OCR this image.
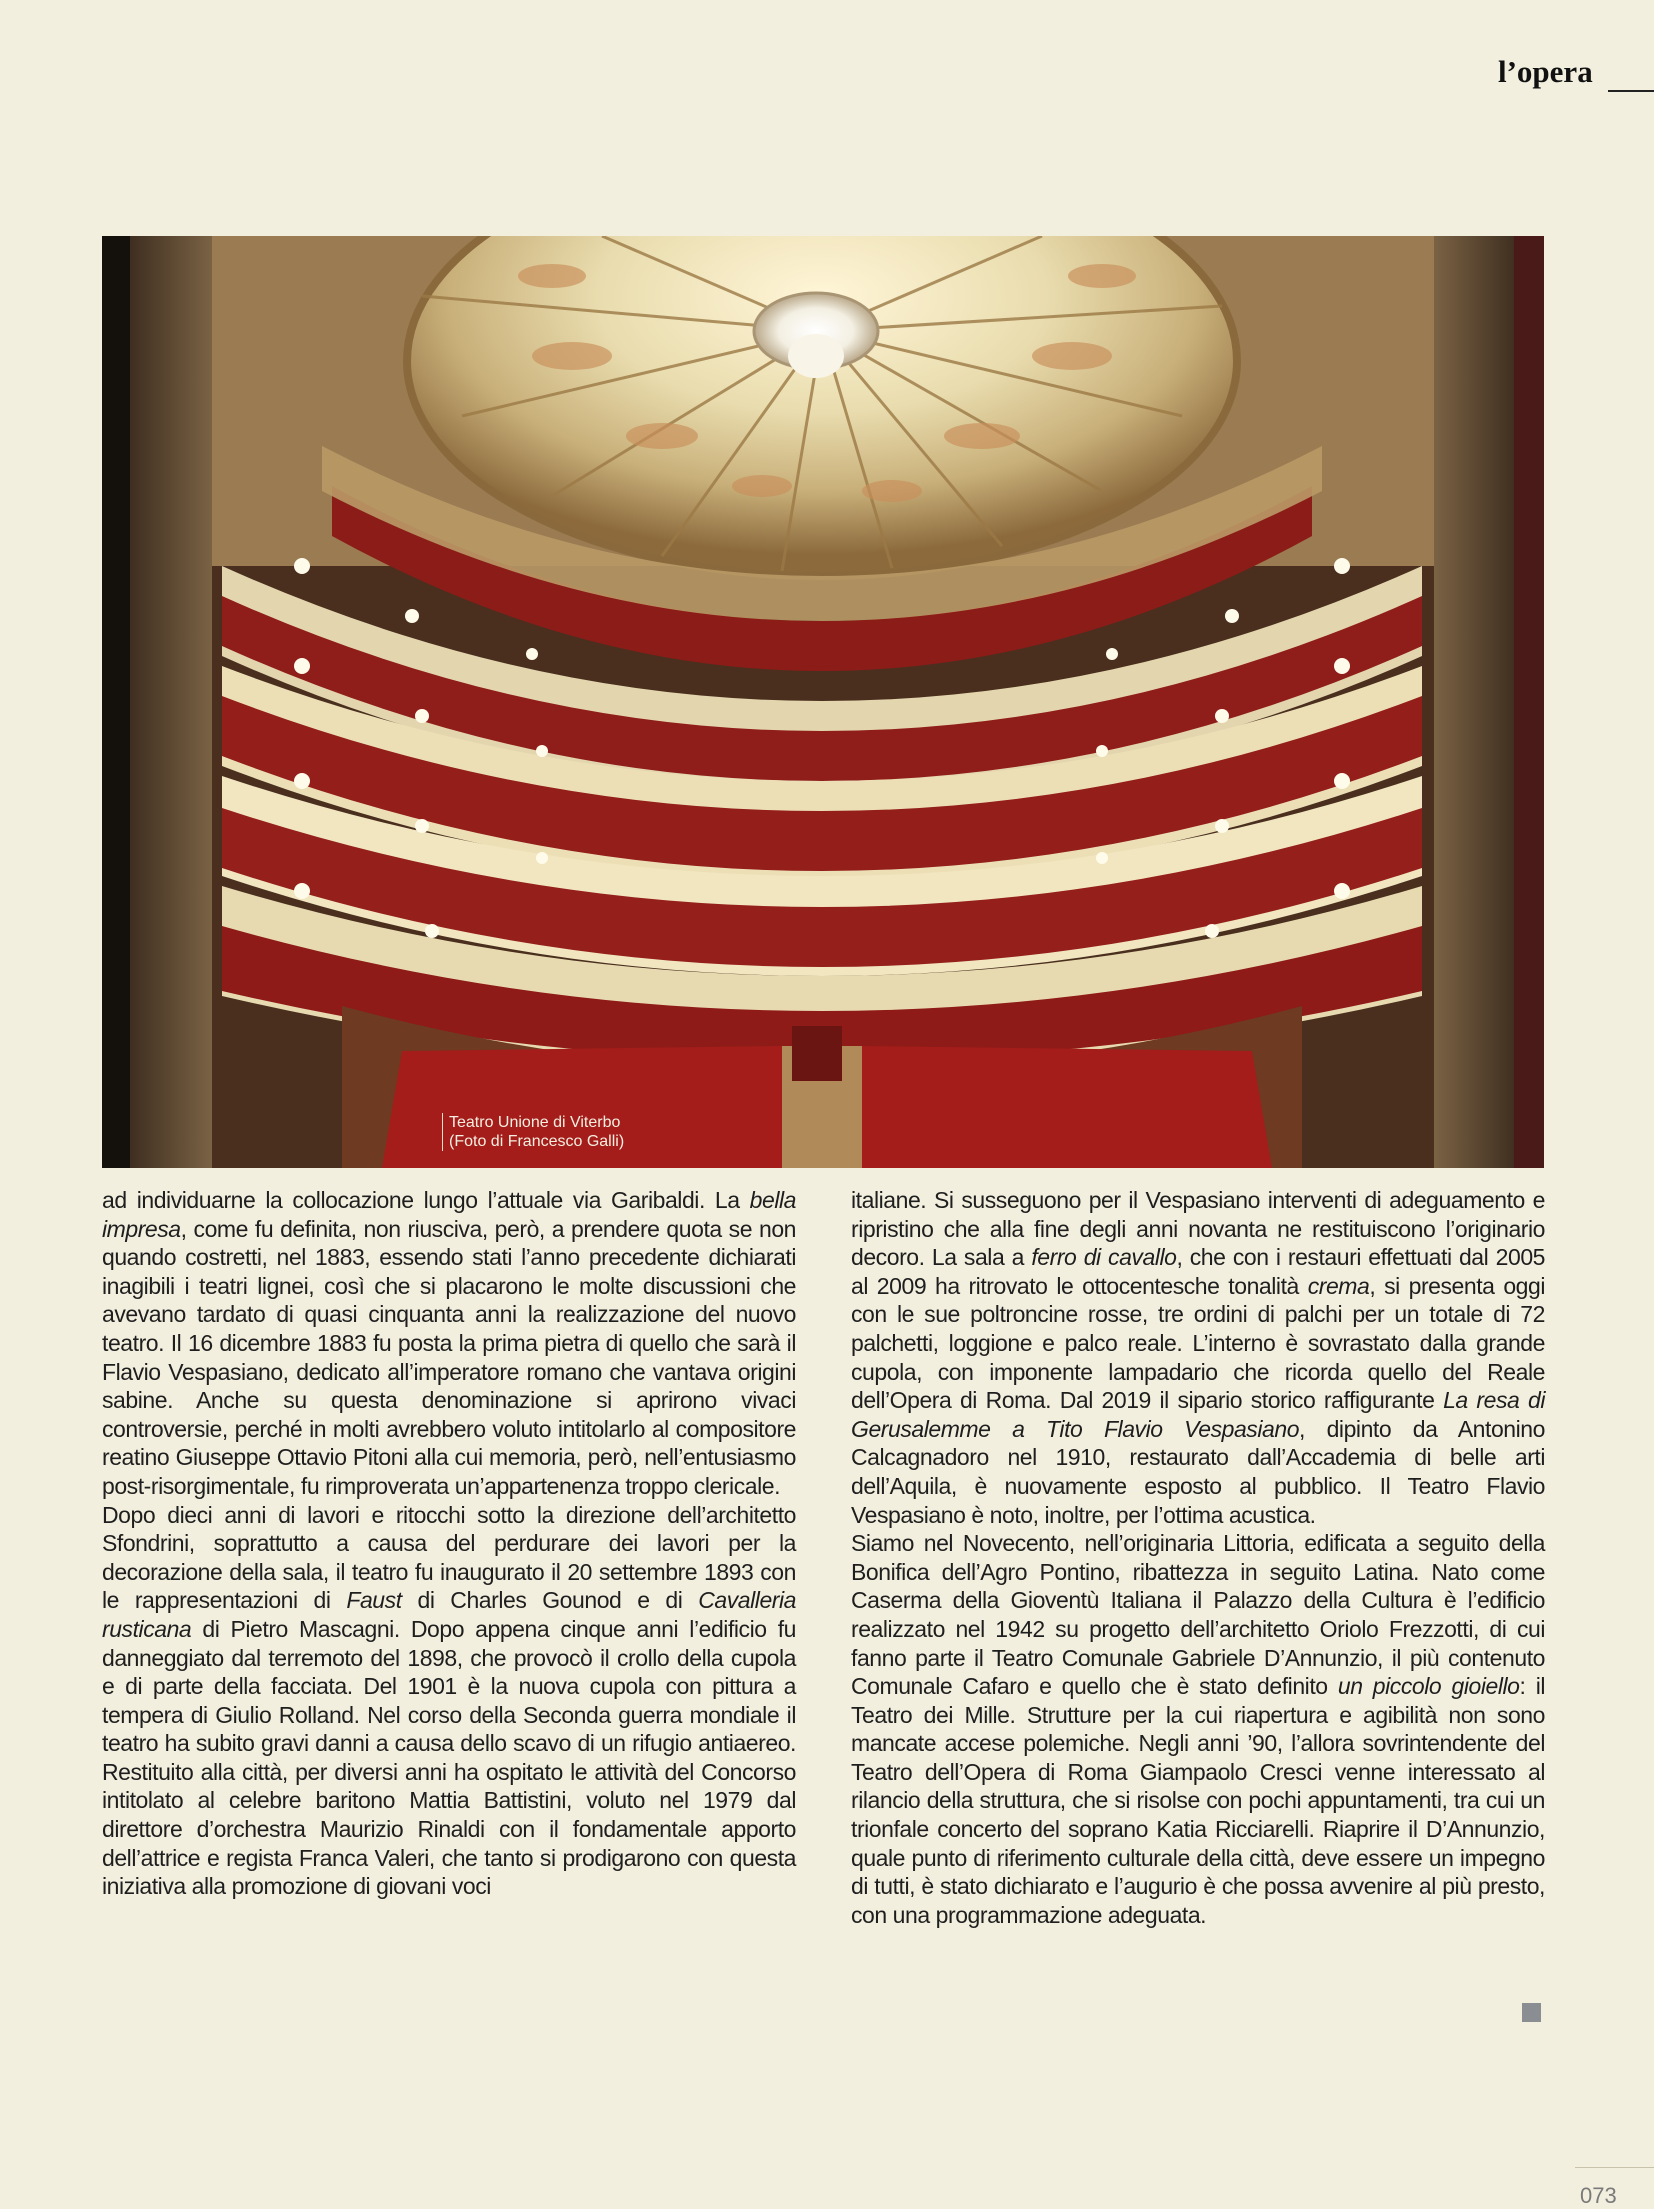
l’opera
Teatro Unione di Viterbo
(Foto di Francesco Galli)

ad individuarne la collocazione lungo l’attuale via Garibaldi. La bella impresa, come fu definita, non riusciva, però, a prendere quota se non quando costretti, nel 1883, essendo stati l’anno precedente dichiarati inagibili i teatri lignei, così che si placarono le molte discussioni che avevano tardato di quasi cinquanta anni la realizzazione del nuovo teatro. Il 16 dicembre 1883 fu posta la prima pietra di quello che sarà il Flavio Vespasiano, dedicato all’imperatore romano che vantava origini sabine. Anche su questa denominazione si aprirono vivaci controversie, perché in molti avrebbero voluto intitolarlo al compositore reatino Giuseppe Ottavio Pitoni alla cui memoria, però, nell’entusiasmo post-risorgimentale, fu rimproverata un’appartenenza troppo clericale.
Dopo dieci anni di lavori e ritocchi sotto la direzione dell’architetto Sfondrini, soprattutto a causa del perdurare dei lavori per la decorazione della sala, il teatro fu inaugurato il 20 settembre 1893 con le rappresentazioni di Faust di Charles Gounod e di Cavalleria rusticana di Pietro Mascagni. Dopo appena cinque anni l’edificio fu danneggiato dal terremoto del 1898, che provocò il crollo della cupola e di parte della facciata. Del 1901 è la nuova cupola con pittura a tempera di Giulio Rolland. Nel corso della Seconda guerra mondiale il teatro ha subito gravi danni a causa dello scavo di un rifugio antiaereo. Restituito alla città, per diversi anni ha ospitato le attività del Concorso intitolato al celebre baritono Mattia Battistini, voluto nel 1979 dal direttore d’orchestra Maurizio Rinaldi con il fondamentale apporto dell’attrice e regista Franca Valeri, che tanto si prodigarono con questa iniziativa alla promozione di giovani voci

italiane. Si susseguono per il Vespasiano interventi di adeguamento e ripristino che alla fine degli anni novanta ne restituiscono l’originario decoro. La sala a ferro di cavallo, che con i restauri effettuati dal 2005 al 2009 ha ritrovato le ottocentesche tonalità crema, si presenta oggi con le sue poltroncine rosse, tre ordini di palchi per un totale di 72 palchetti, loggione e palco reale. L’interno è sovrastato dalla grande cupola, con imponente lampadario che ricorda quello del Reale dell’Opera di Roma. Dal 2019 il sipario storico raffigurante La resa di Gerusalemme a Tito Flavio Vespasiano, dipinto da Antonino Calcagnadoro nel 1910, restaurato dall’Accademia di belle arti dell’Aquila, è nuovamente esposto al pubblico. Il Teatro Flavio Vespasiano è noto, inoltre, per l’ottima acustica.
Siamo nel Novecento, nell’originaria Littoria, edificata a seguito della Bonifica dell’Agro Pontino, ribattezza in seguito Latina. Nato come Caserma della Gioventù Italiana il Palazzo della Cultura è l’edificio realizzato nel 1942 su progetto dell’architetto Oriolo Frezzotti, di cui fanno parte il Teatro Comunale Gabriele D’Annunzio, il più contenuto Comunale Cafaro e quello che è stato definito un piccolo gioiello: il Teatro dei Mille. Strutture per la cui riapertura e agibilità non sono mancate accese polemiche. Negli anni ’90, l’allora sovrintendente del Teatro dell’Opera di Roma Giampaolo Cresci venne interessato al rilancio della struttura, che si risolse con pochi appuntamenti, tra cui un trionfale concerto del soprano Katia Ricciarelli. Riaprire il D’Annunzio, quale punto di riferimento culturale della città, deve essere un impegno di tutti, è stato dichiarato e l’augurio è che possa avvenire al più presto, con una programmazione adeguata.

073
